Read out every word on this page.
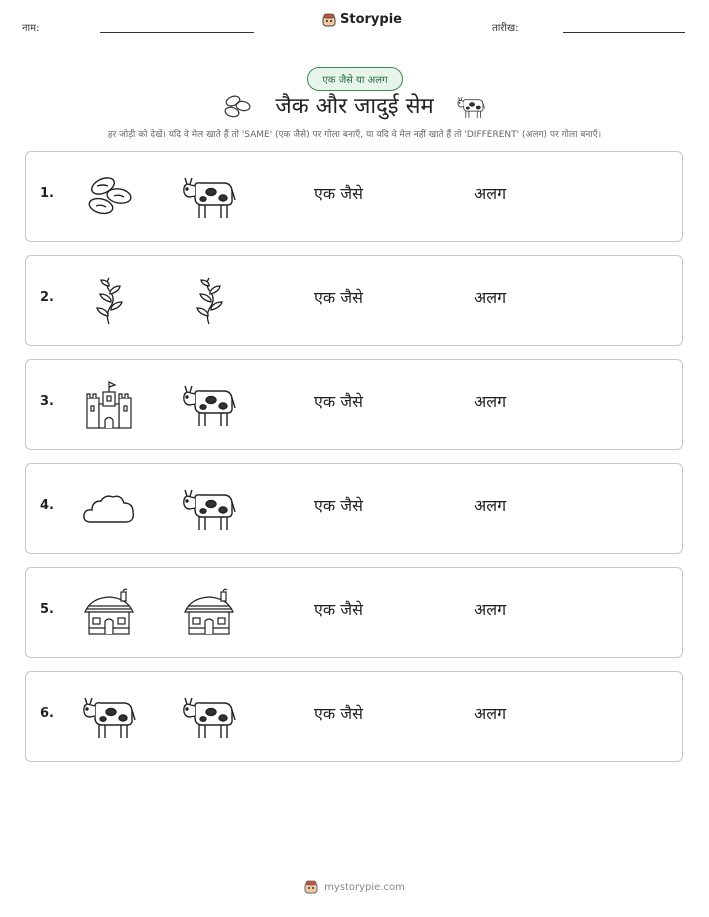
नाम:
Storypie
तारीख:
एक जैसे या अलग
जैक और जादुई सेम
हर जोड़ी को देखें। यदि वे मेल खाते हैं तो 'SAME' (एक जैसे) पर गोला बनाएँ, या यदि वे मेल नहीं खाते हैं तो 'DIFFERENT' (अलग) पर गोला बनाएँ।
1.	एक जैसे	अलग
2.	एक जैसे	अलग
3.	एक जैसे	अलग
4.	एक जैसे	अलग
5.	एक जैसे	अलग
6.	एक जैसे	अलग
mystorypie.com
